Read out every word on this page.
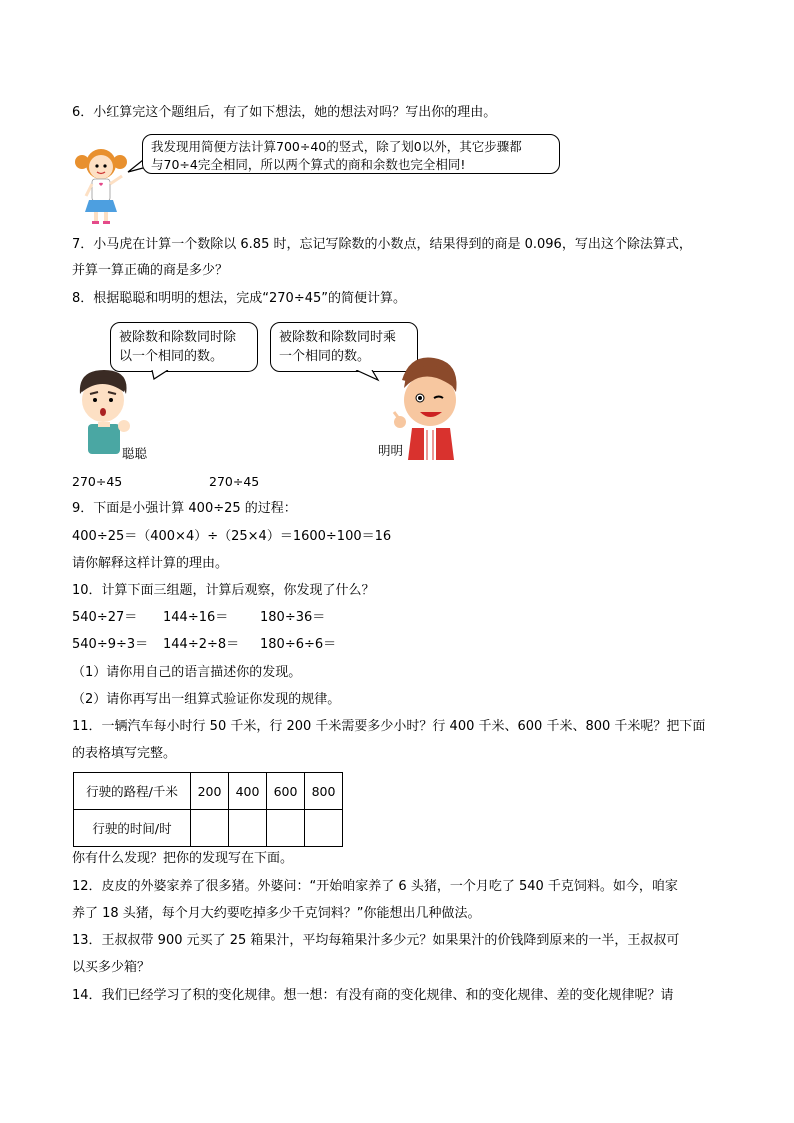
6．小红算完这个题组后，有了如下想法，她的想法对吗？写出你的理由。
我发现用简便方法计算700÷40的竖式，除了划0以外，其它步骤都
与70÷4完全相同，所以两个算式的商和余数也完全相同!
7．小马虎在计算一个数除以 6.85 时，忘记写除数的小数点，结果得到的商是 0.096，写出这个除法算式，
并算一算正确的商是多少？
8．根据聪聪和明明的想法，完成“270÷45”的简便计算。
被除数和除数同时除
以一个相同的数。
被除数和除数同时乘
一个相同的数。
聪聪	明明
270÷45	270÷45
9．下面是小强计算 400÷25 的过程：
400÷25＝（400×4）÷（25×4）＝1600÷100＝16
请你解释这样计算的理由。
10．计算下面三组题，计算后观察，你发现了什么？
540÷27＝ 144÷16＝ 180÷36＝
540÷9÷3＝ 144÷2÷8＝ 180÷6÷6＝
（1）请你用自己的语言描述你的发现。
（2）请你再写出一组算式验证你发现的规律。
11．一辆汽车每小时行 50 千米，行 200 千米需要多少小时？行 400 千米、600 千米、800 千米呢？把下面
的表格填写完整。
行驶的路程/千米	200	400	600	800
行驶的时间/时				
你有什么发现？把你的发现写在下面。
12．皮皮的外婆家养了很多猪。外婆问：“开始咱家养了 6 头猪，一个月吃了 540 千克饲料。如今，咱家
养了 18 头猪，每个月大约要吃掉多少千克饲料？”你能想出几种做法。
13．王叔叔带 900 元买了 25 箱果汁，平均每箱果汁多少元？如果果汁的价钱降到原来的一半，王叔叔可
以买多少箱？
14．我们已经学习了积的变化规律。想一想：有没有商的变化规律、和的变化规律、差的变化规律呢？请
